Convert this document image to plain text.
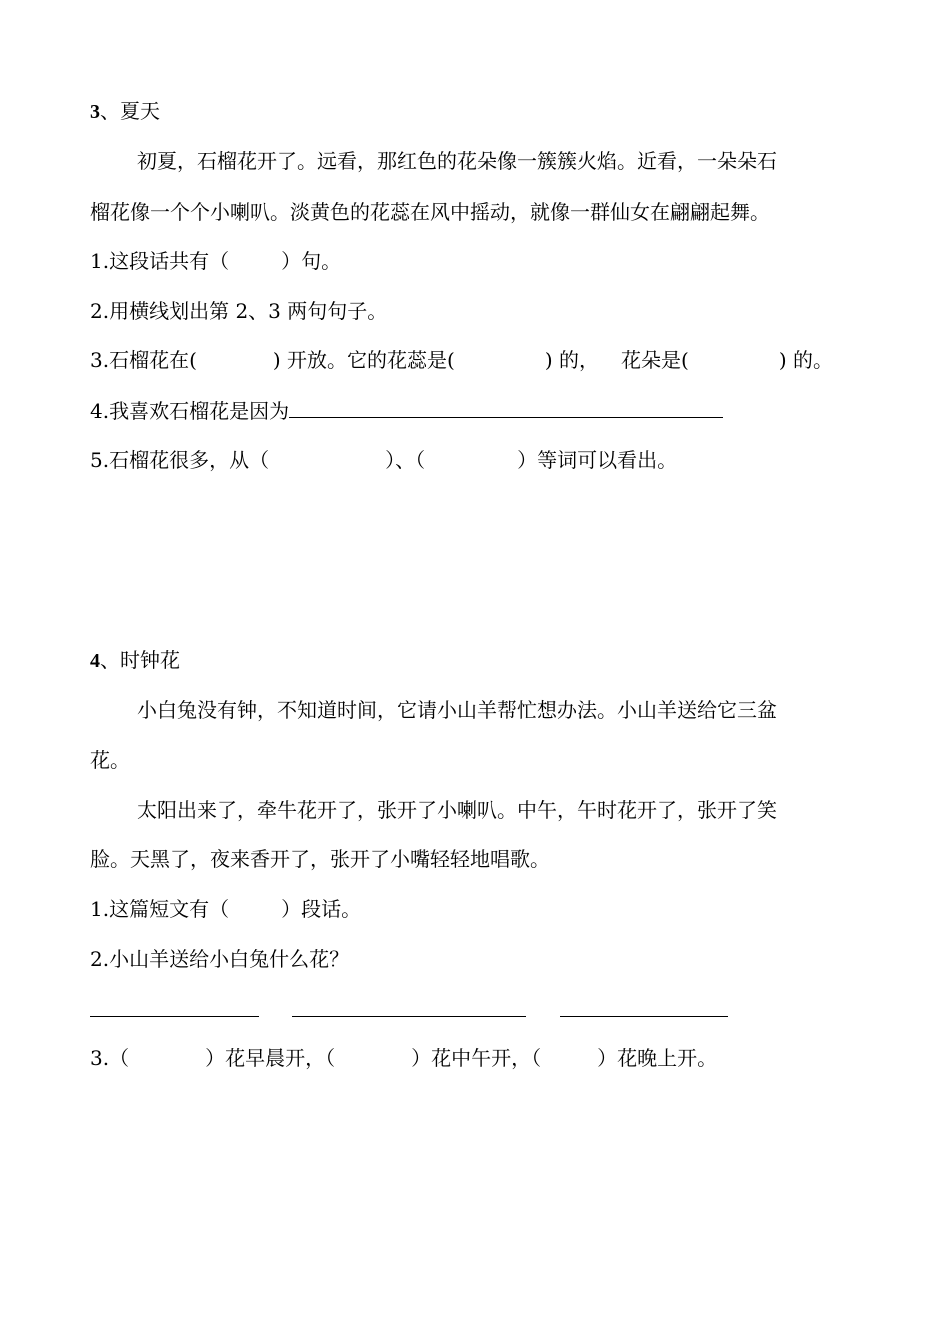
3、夏天
初夏，石榴花开了。远看，那红色的花朵像一簇簇火焰。近看，一朵朵石
榴花像一个个小喇叭。淡黄色的花蕊在风中摇动，就像一群仙女在翩翩起舞。
1.这段话共有（	）句。
2.用横线划出第 2、3 两句句子。
3.石榴花在(	) 开放。它的花蕊是(	) 的， 花朵是(	) 的。
4.我喜欢石榴花是因为
5.石榴花很多，从（	）、（	）等词可以看出。
4、时钟花
小白兔没有钟，不知道时间，它请小山羊帮忙想办法。小山羊送给它三盆
花。
太阳出来了，牵牛花开了，张开了小喇叭。中午，午时花开了，张开了笑
脸。天黑了，夜来香开了，张开了小嘴轻轻地唱歌。
1.这篇短文有（	）段话。
2.小山羊送给小白兔什么花？
3.（	）花早晨开，（	）花中午开，（	）花晚上开。
